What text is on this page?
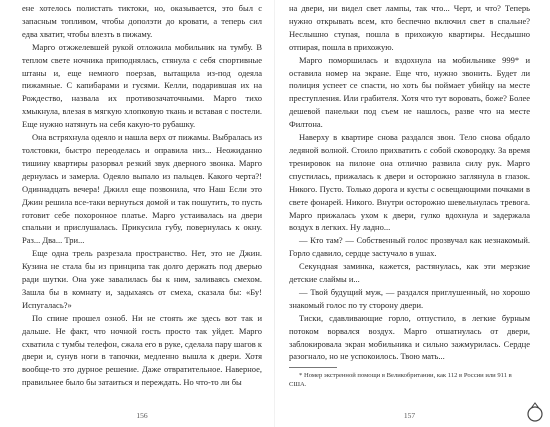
ене хотелось полистать тиктоки, но, оказывается, это был с запасным топливом, чтобы дополэти до кровати, а теперь сил едва хватит, чтобы влезть в пижаму.

Марго отжжелевшей рукой отложила мобильник на тумбу. В теплом свете ночника приподнялась, стянула с себя спортивные штаны и, еще немного поерзав, вытащила из-под одеяла пижамные. С капибарами и гусями. Келли, подарившая их на Рождество, назвала их противозачаточными. Марго тихо хмыкнула, влезая в мягкую хлопковую ткань и вставая с постели. Еще нужно натянуть на себя какую-то рубашку.

Она встряхнула одеяло и нашла верх от пижамы. Выбралась из толстовки, быстро переоделась и оправила низ... Неожиданно тишину квартиры разорвал резкий звук дверного звонка. Марго дернулась и замерла. Одеяло выпало из пальцев. Какого черта?! Одиннадцать вечера! Джилл еще позвонила, что Наш Если это Джин решила все-таки вернуться домой и так пошутить, то пусть готовит себе похоронное платье. Марго устаивалась на двери спальни и прислушалась. Прикусила губу, повернулась к окну. Раз... Два... Три...

Еще одна трель разрезала пространство. Нет, это не Джин. Кузина не стала бы из принципа так долго держать под дверью ради шутки. Она уже завалилась бы к ним, заливаясь смехом. Зашла бы в комнату и, задыхаясь от смеха, сказала бы: «Бу! Испугалась?»

По спине прошел озноб. Ни не стоять же здесь вот так и дальше. Не факт, что ночной гость просто так уйдет. Марго схватила с тумбы телефон, сжала его в руке, сделала пару шагов к двери и, сунув ноги в тапочки, медленно вышла к двери. Хотя вообще-то это дурное решение. Даже отвратительное. Наверное, правильнее было бы затаиться и переждать. Но что-то ли бы

156

на двери, ни видел свет лампы, так что... Черт, и что? Теперь нужно открывать всем, кто беспечно включил свет в спальне? Неслышно ступая, пошла в прихожую квартиры. Несдышно отпирая, пошла в прихожую.

Марго поморшилась и вздохнула на мобильнике 999* и оставила номер на экране. Еще что, нужно звонить. Будет ли полиция успеет се спасти, но хоть бы поймает убийцу на месте преступления. Или грабителя. Хотя что тут воровать, боже? Более дешевой панельки под съем не нашлось, разве что на месте Филтона.

Наверху в квартире снова раздался звон. Тело снова обдало ледяной волной. Стоило прихватить с собой сковородку. За время тренировок на пилоне она отлично развила силу рук. Марго спустилась, прижалась к двери и осторожно заглянула в глазок. Никого. Пусто. Только дорога и кусты с освещающими почками в свете фонарей. Никого. Внутри осторожно шевельнулась тревога. Марго прижалась ухом к двери, гулко вдохнула и задержала воздух в легких. Ну ладно...

— Кто там? — Собственный голос прозвучал как незнакомый. Горло сдавило, сердце застучало в ушах.

Секундная заминка, кажется, растянулась, как эти мерзкие детские слаймы и...

— Твой будущий муж, — раздался приглушенный, но хорошо знакомый голос по ту сторону двери.

Тиски, сдавливающие горло, отпустило, в легкие бурным потоком ворвался воздух. Марго отшатнулась от двери, заблокировала экран мобильника и сильно зажмурилась. Сердце разогнало, но не успокоилось. Твою мать...

* Номер экстренной помощи в Великобритании, как 112 в России или 911 в США.

157
